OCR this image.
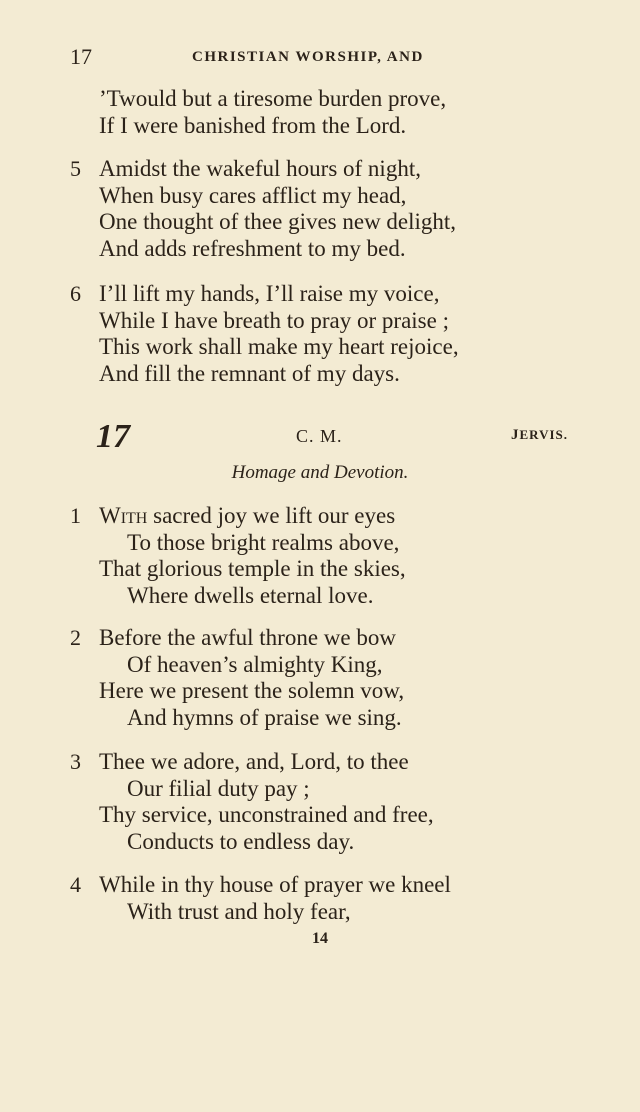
17	CHRISTIAN WORSHIP, AND
’Twould but a tiresome burden prove,
If I were banished from the Lord.
5 Amidst the wakeful hours of night,
When busy cares afflict my head,
One thought of thee gives new delight,
And adds refreshment to my bed.
6 I’ll lift my hands, I’ll raise my voice,
While I have breath to pray or praise ;
This work shall make my heart rejoice,
And fill the remnant of my days.
17	C. M.	JERVIS.
Homage and Devotion.
1 With sacred joy we lift our eyes
To those bright realms above,
That glorious temple in the skies,
Where dwells eternal love.
2 Before the awful throne we bow
Of heaven’s almighty King,
Here we present the solemn vow,
And hymns of praise we sing.
3 Thee we adore, and, Lord, to thee
Our filial duty pay ;
Thy service, unconstrained and free,
Conducts to endless day.
4 While in thy house of prayer we kneel
With trust and holy fear,
14
